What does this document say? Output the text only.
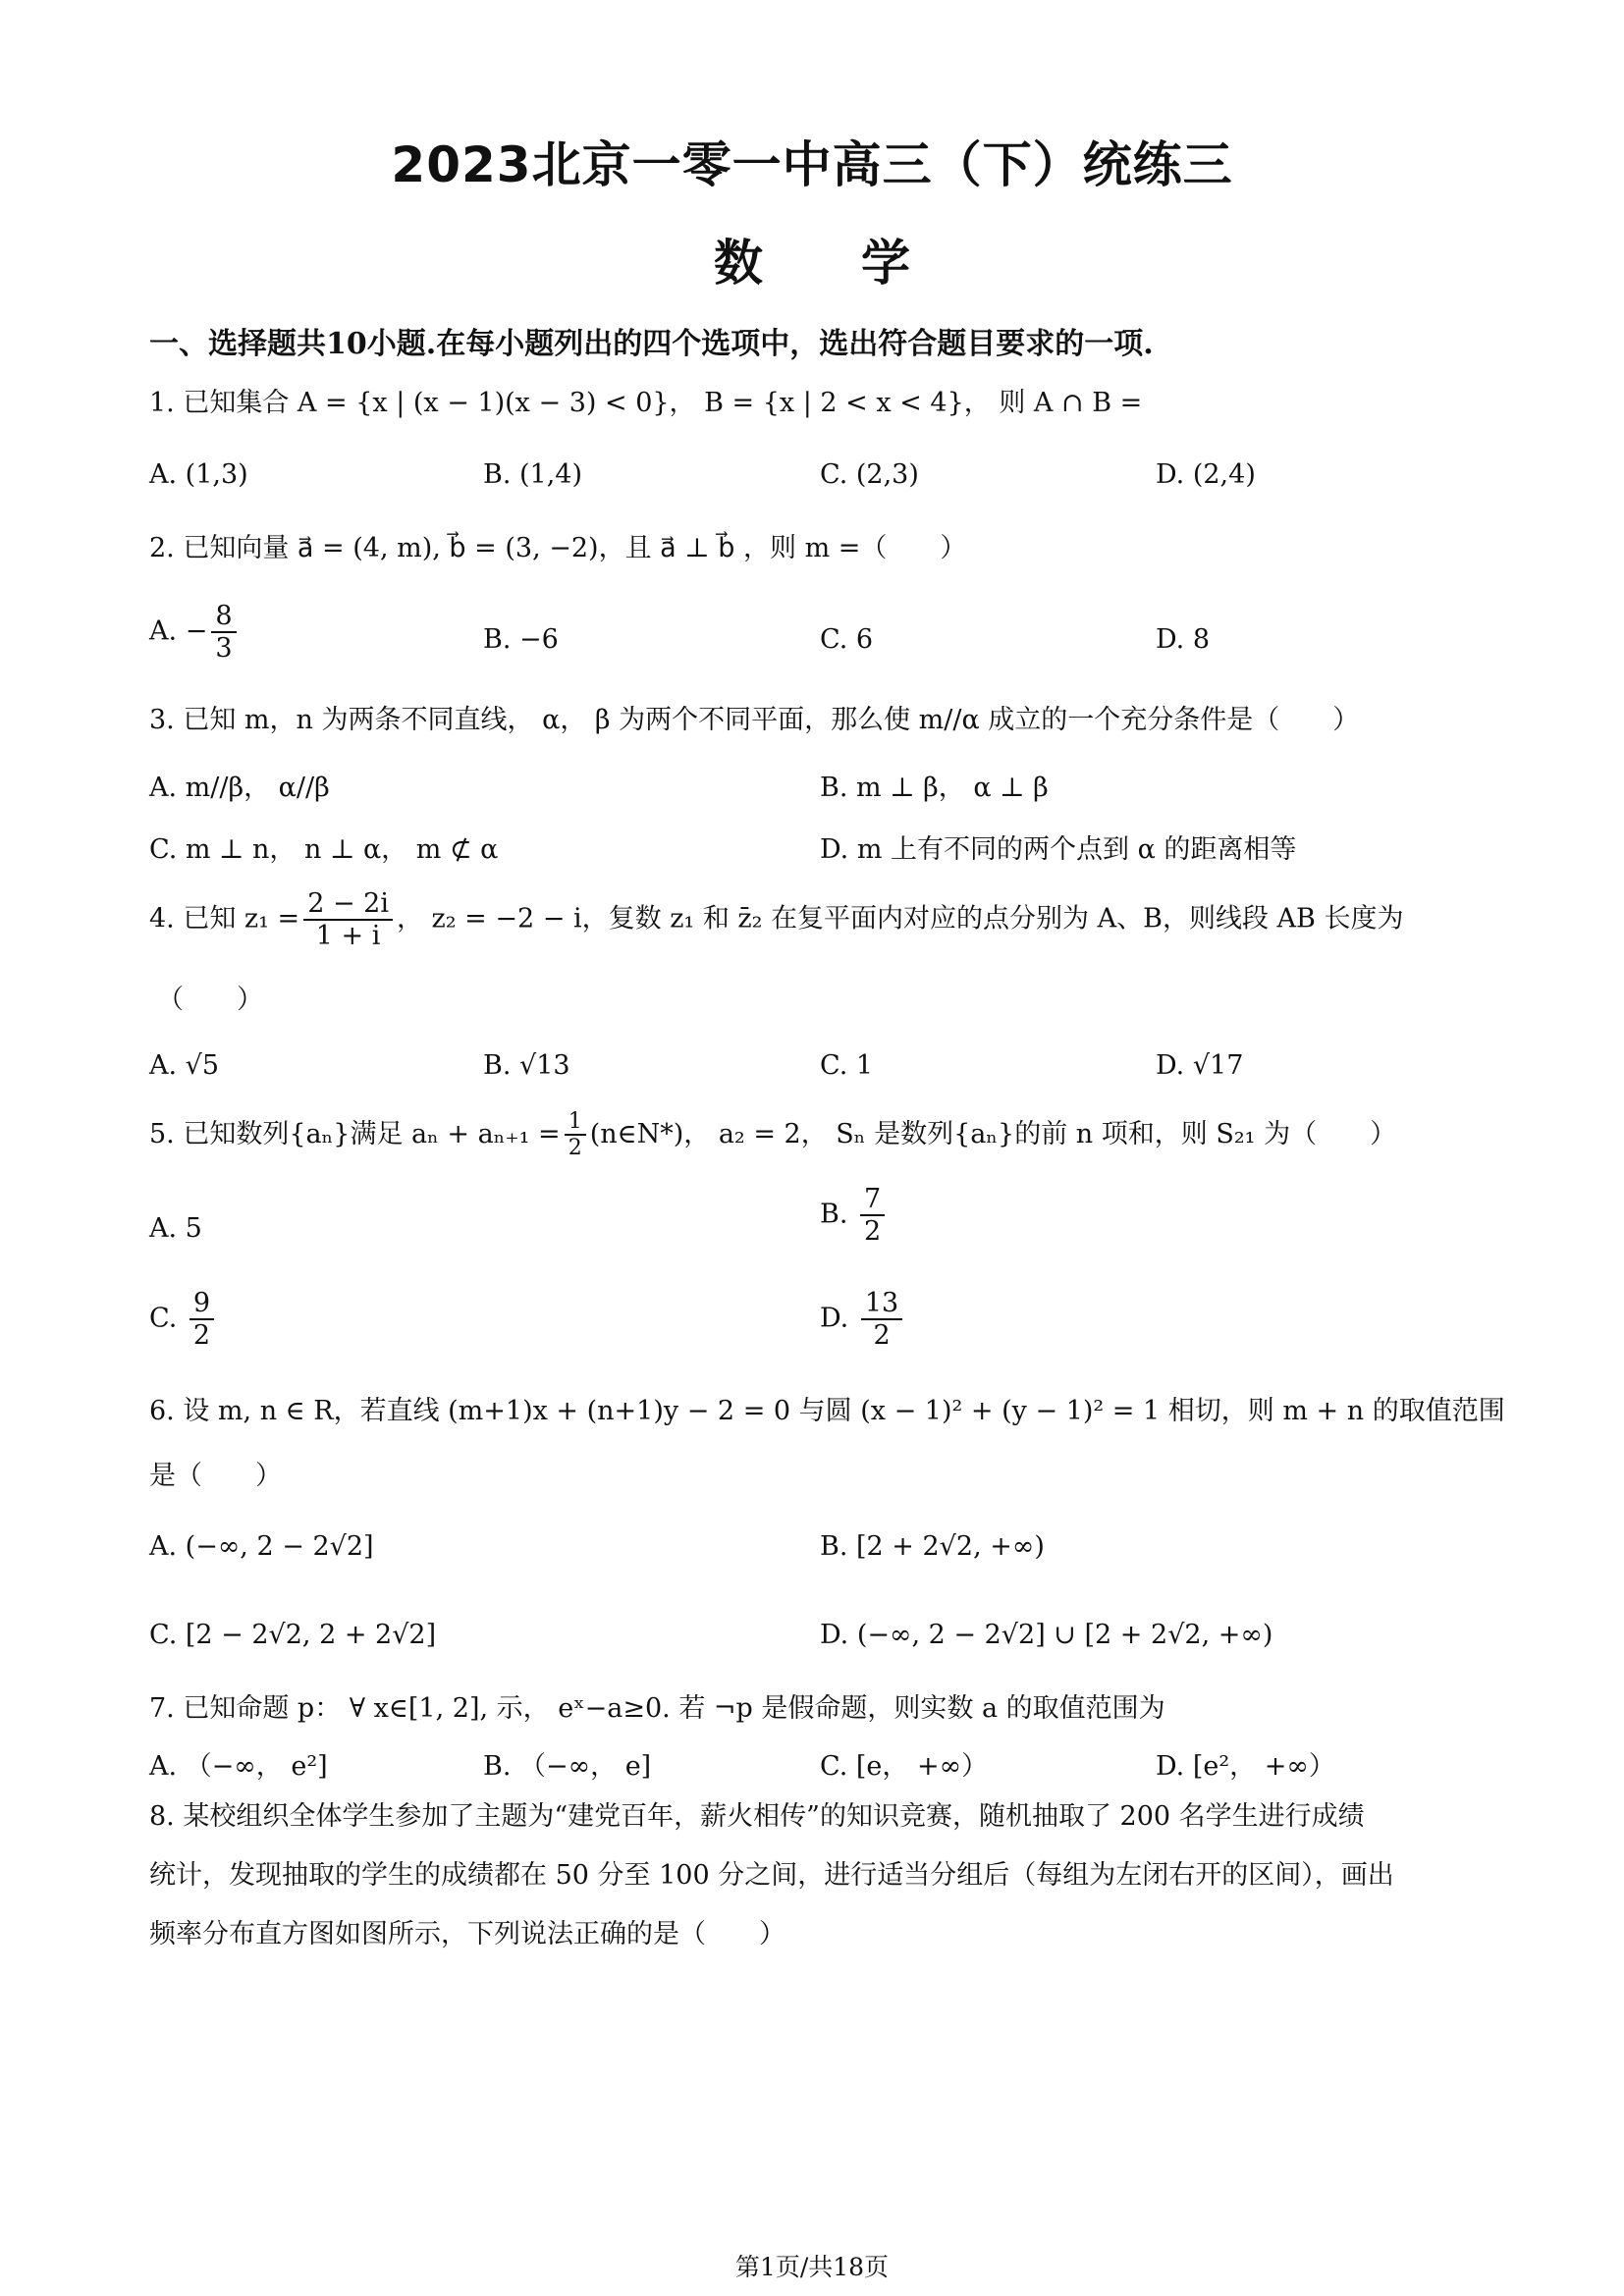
2023北京一零一中高三（下）统练三
数　　学
一、选择题共10小题.在每小题列出的四个选项中，选出符合题目要求的一项.
1. 已知集合 A = {x | (x − 1)(x − 3) < 0}， B = {x | 2 < x < 4}， 则 A ∩ B =
A. (1,3)	B. (1,4)	C. (2,3)	D. (2,4)
2. 已知向量 a⃗ = (4, m), b⃗ = (3, −2)，且 a⃗ ⊥ b⃗ ，则 m =（　　）
A. − $\frac{8}{3}$	B. −6	C. 6	D. 8
3. 已知 m，n 为两条不同直线， α， β 为两个不同平面，那么使 m//α 成立的一个充分条件是（　　）
A. m//β， α//β	B. m ⊥ β， α ⊥ β
C. m ⊥ n， n ⊥ α， m ⊄ α	D. m 上有不同的两个点到 α 的距离相等
4. 已知 $z_1 = \frac{2 - 2i}{1 + i}$ ， z₂ = −2 − i，复数 z₁ 和 z̄₂ 在复平面内对应的点分别为 A、B，则线段 AB 长度为
（　　）
A. √5	B. √13	C. 1	D. √17
5. 已知数列{aₙ}满足 $a_n + a_{n+1} = \frac{1}{2}$ (n∈N*)， a₂ = 2， Sₙ 是数列{aₙ}的前 n 项和，则 S₂₁ 为（　　）
A. 5	B. $\frac{7}{2}$
C. $\frac{9}{2}$	D. $\frac{13}{2}$
6. 设 m, n ∈ R，若直线 (m+1)x + (n+1)y − 2 = 0 与圆 (x − 1)² + (y − 1)² = 1 相切，则 m + n 的取值范围
是（　　）
A. (−∞, 2 − 2√2]	B. [2 + 2√2, +∞)
C. [2 − 2√2, 2 + 2√2]	D. (−∞, 2 − 2√2] ∪ [2 + 2√2, +∞)
7. 已知命题 p： ∀ x∈[1, 2], 示， eˣ−a≥0. 若 ¬p 是假命题，则实数 a 的取值范围为
A. （−∞， e²]	B. （−∞， e]	C. [e， +∞）	D. [e²， +∞）
8. 某校组织全体学生参加了主题为“建党百年，薪火相传”的知识竞赛，随机抽取了 200 名学生进行成绩
统计，发现抽取的学生的成绩都在 50 分至 100 分之间，进行适当分组后（每组为左闭右开的区间），画出
频率分布直方图如图所示，下列说法正确的是（　　）
第1页/共18页
